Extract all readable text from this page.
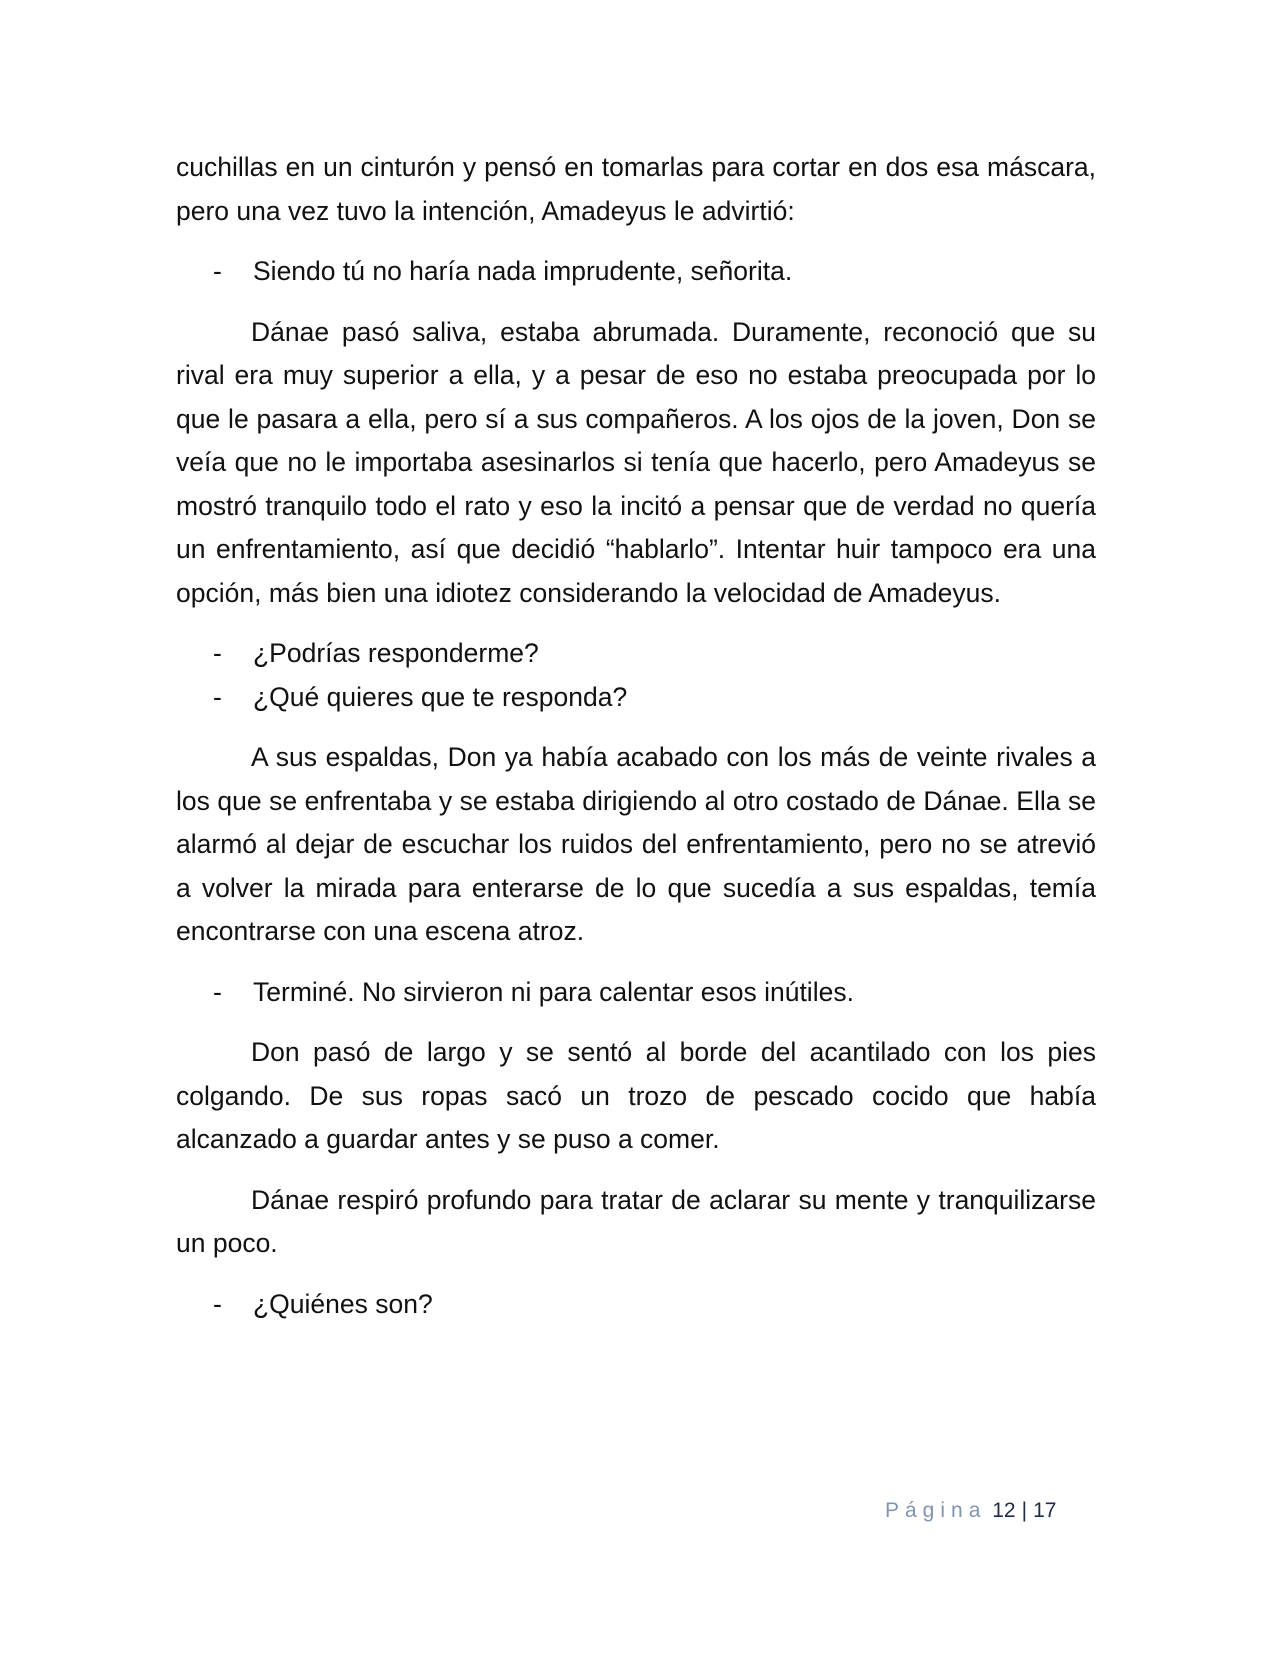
cuchillas en un cinturón y pensó en tomarlas para cortar en dos esa máscara, pero una vez tuvo la intención, Amadeyus le advirtió:

-	Siendo tú no haría nada imprudente, señorita.

Dánae pasó saliva, estaba abrumada. Duramente, reconoció que su rival era muy superior a ella, y a pesar de eso no estaba preocupada por lo que le pasara a ella, pero sí a sus compañeros. A los ojos de la joven, Don se veía que no le importaba asesinarlos si tenía que hacerlo, pero Amadeyus se mostró tranquilo todo el rato y eso la incitó a pensar que de verdad no quería un enfrentamiento, así que decidió “hablarlo”. Intentar huir tampoco era una opción, más bien una idiotez considerando la velocidad de Amadeyus.

-	¿Podrías responderme?
-	¿Qué quieres que te responda?

A sus espaldas, Don ya había acabado con los más de veinte rivales a los que se enfrentaba y se estaba dirigiendo al otro costado de Dánae. Ella se alarmó al dejar de escuchar los ruidos del enfrentamiento, pero no se atrevió a volver la mirada para enterarse de lo que sucedía a sus espaldas, temía encontrarse con una escena atroz.

-	Terminé. No sirvieron ni para calentar esos inútiles.

Don pasó de largo y se sentó al borde del acantilado con los pies colgando. De sus ropas sacó un trozo de pescado cocido que había alcanzado a guardar antes y se puso a comer.

Dánae respiró profundo para tratar de aclarar su mente y tranquilizarse un poco.

-	¿Quiénes son?
Página 12 | 17
